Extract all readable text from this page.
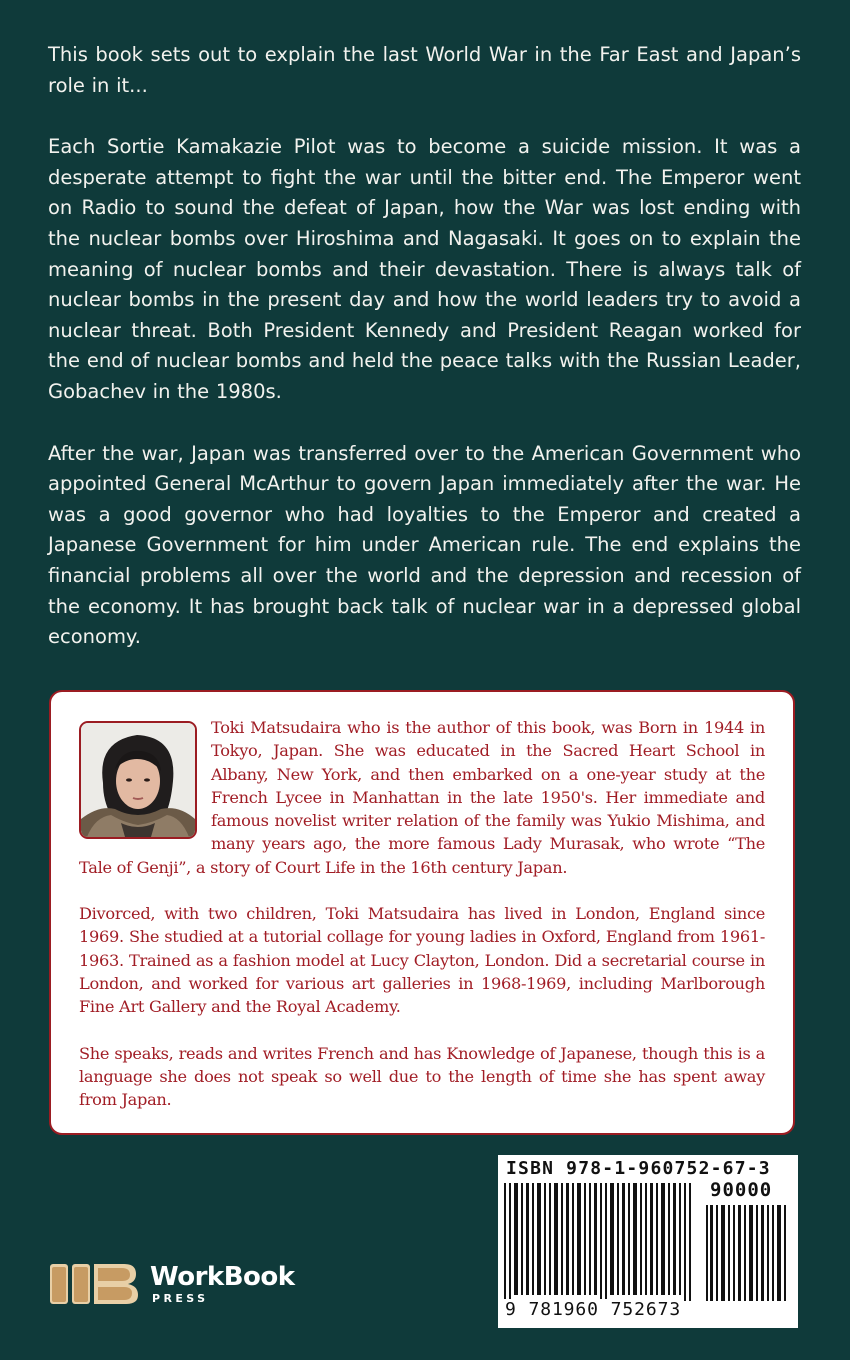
This book sets out to explain the last World War in the Far East and Japan’s role in it...

Each Sortie Kamakazie Pilot was to become a suicide mission. It was a desperate attempt to fight the war until the bitter end. The Emperor went on Radio to sound the defeat of Japan, how the War was lost ending with the nuclear bombs over Hiroshima and Nagasaki. It goes on to explain the meaning of nuclear bombs and their devastation. There is always talk of nuclear bombs in the present day and how the world leaders try to avoid a nuclear threat. Both President Kennedy and President Reagan worked for the end of nuclear bombs and held the peace talks with the Russian Leader, Gobachev in the 1980s.

After the war, Japan was transferred over to the American Government who appointed General McArthur to govern Japan immediately after the war. He was a good governor who had loyalties to the Emperor and created a Japanese Government for him under American rule. The end explains the financial problems all over the world and the depression and recession of the economy. It has brought back talk of nuclear war in a depressed global economy.

Toki Matsudaira who is the author of this book, was Born in 1944 in Tokyo, Japan. She was educated in the Sacred Heart School in Albany, New York, and then embarked on a one-year study at the French Lycee in Manhattan in the late 1950's. Her immediate and famous novelist writer relation of the family was Yukio Mishima, and many years ago, the more famous Lady Murasak, who wrote “The Tale of Genji”, a story of Court Life in the 16th century Japan.

Divorced, with two children, Toki Matsudaira has lived in London, England since 1969. She studied at a tutorial collage for young ladies in Oxford, England from 1961-1963. Trained as a fashion model at Lucy Clayton, London. Did a secretarial course in London, and worked for various art galleries in 1968-1969, including Marlborough Fine Art Gallery and the Royal Academy.

She speaks, reads and writes French and has Knowledge of Japanese, though this is a language she does not speak so well due to the length of time she has spent away from Japan.

ISBN 978-1-960752-67-3
90000
9 781960 752673
WorkBook
PRESS
